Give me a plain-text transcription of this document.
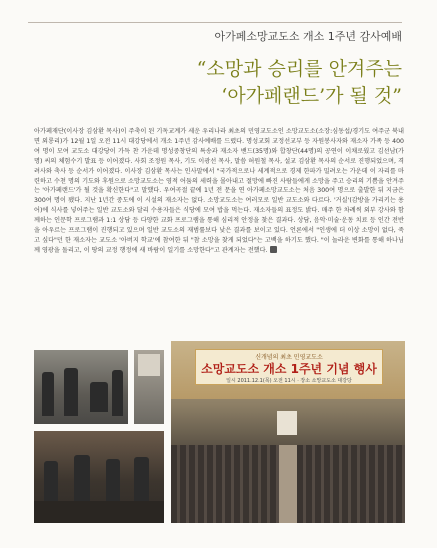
아가페소망교도소 개소 1주년 감사예배
“소망과 승리를 안겨주는
‘아가페랜드’가 될 것”
아가페재단(이사장 김삼환 목사)이 주축이 된 기독교계가 세운 우리나라 최초의 민영교도소인 소망교도소(소장:심동섭/경기도 여주군 북내면 외룡리)가 12월 1일 오전 11시 대강당에서 개소 1주년 감사예배를 드렸다. 명성교회 교정선교부 등 자원봉사자와 재소자 가족 등 400여 명이 모여 교도소 대강당이 가득 찬 가운데 명성중창단의 특송과 재소자 밴드(35명)와 합창단(44명)의 공연이 이채로웠고 김선남(가명) 씨의 체험수기 발표 등 이어졌다. 사회 조정원 목사, 기도 이광선 목사, 말씀 허원철 목사, 설교 김삼환 목사의 순서로 진행되었으며, 격려사와 축사 등 순서가 이어졌다. 이사장 김삼환 목사는 인사말에서 "국가적으로나 세계적으로 경제 한파가 밀려오는 가운데 이 자리를 마련하고 수천 명의 기도와 후원으로 소망교도소는 영적 어둠의 세력을 몰아내고 절망에 빠진 사람들에게 소망을 주고 승리의 기쁨을 안겨주는 '아가페랜드'가 될 것을 확신한다"고 말했다. 우여곡절 끝에 1년 전 문을 연 아가페소망교도소는 처음 300여 명으로 출발한 뒤 지금은 300여 명이 됐다. 지난 1년간 중도에 이 시설의 재소자는 없다. 소망교도소는 여러모로 일반 교도소와 다르다. '거실'(감방을 가리키는 용어)에 식사를 넣어주는 일반 교도소와 달리 수용자들은 식당에 모여 밥을 먹는다. 재소자들의 표정도 밝다. 매주 한 차례씩 외부 강사와 함께하는 인문학 프로그램과 1:1 상담 등 다양한 교화 프로그램을 통해 심리적 안정을 찾은 결과다. 상담, 음악·미술·운동 치료 등 인간 전반을 아우르는 프로그램이 진행되고 있으며 일반 교도소의 재범률보다 낮은 결과를 보이고 있다. 언론에서 "인생에 더 이상 소망이 없다, 죽고 싶다"던 한 재소자는 교도소 '아버지 학교'에 참여한 뒤 "참 소망을 찾게 되었다"는 고백을 하기도 했다. "이 놀라운 변화를 통해 하나님께 영광을 돌리고, 이 땅의 교정 행정에 새 바람이 일기를 소망한다"고 관계자는 전했다.
신개념의 최초 민영교도소
소망교도소 개소 1주년 기념 행사
일시 2011.12.1(목) 오전 11시 · 장소 소망교도소 대강당
